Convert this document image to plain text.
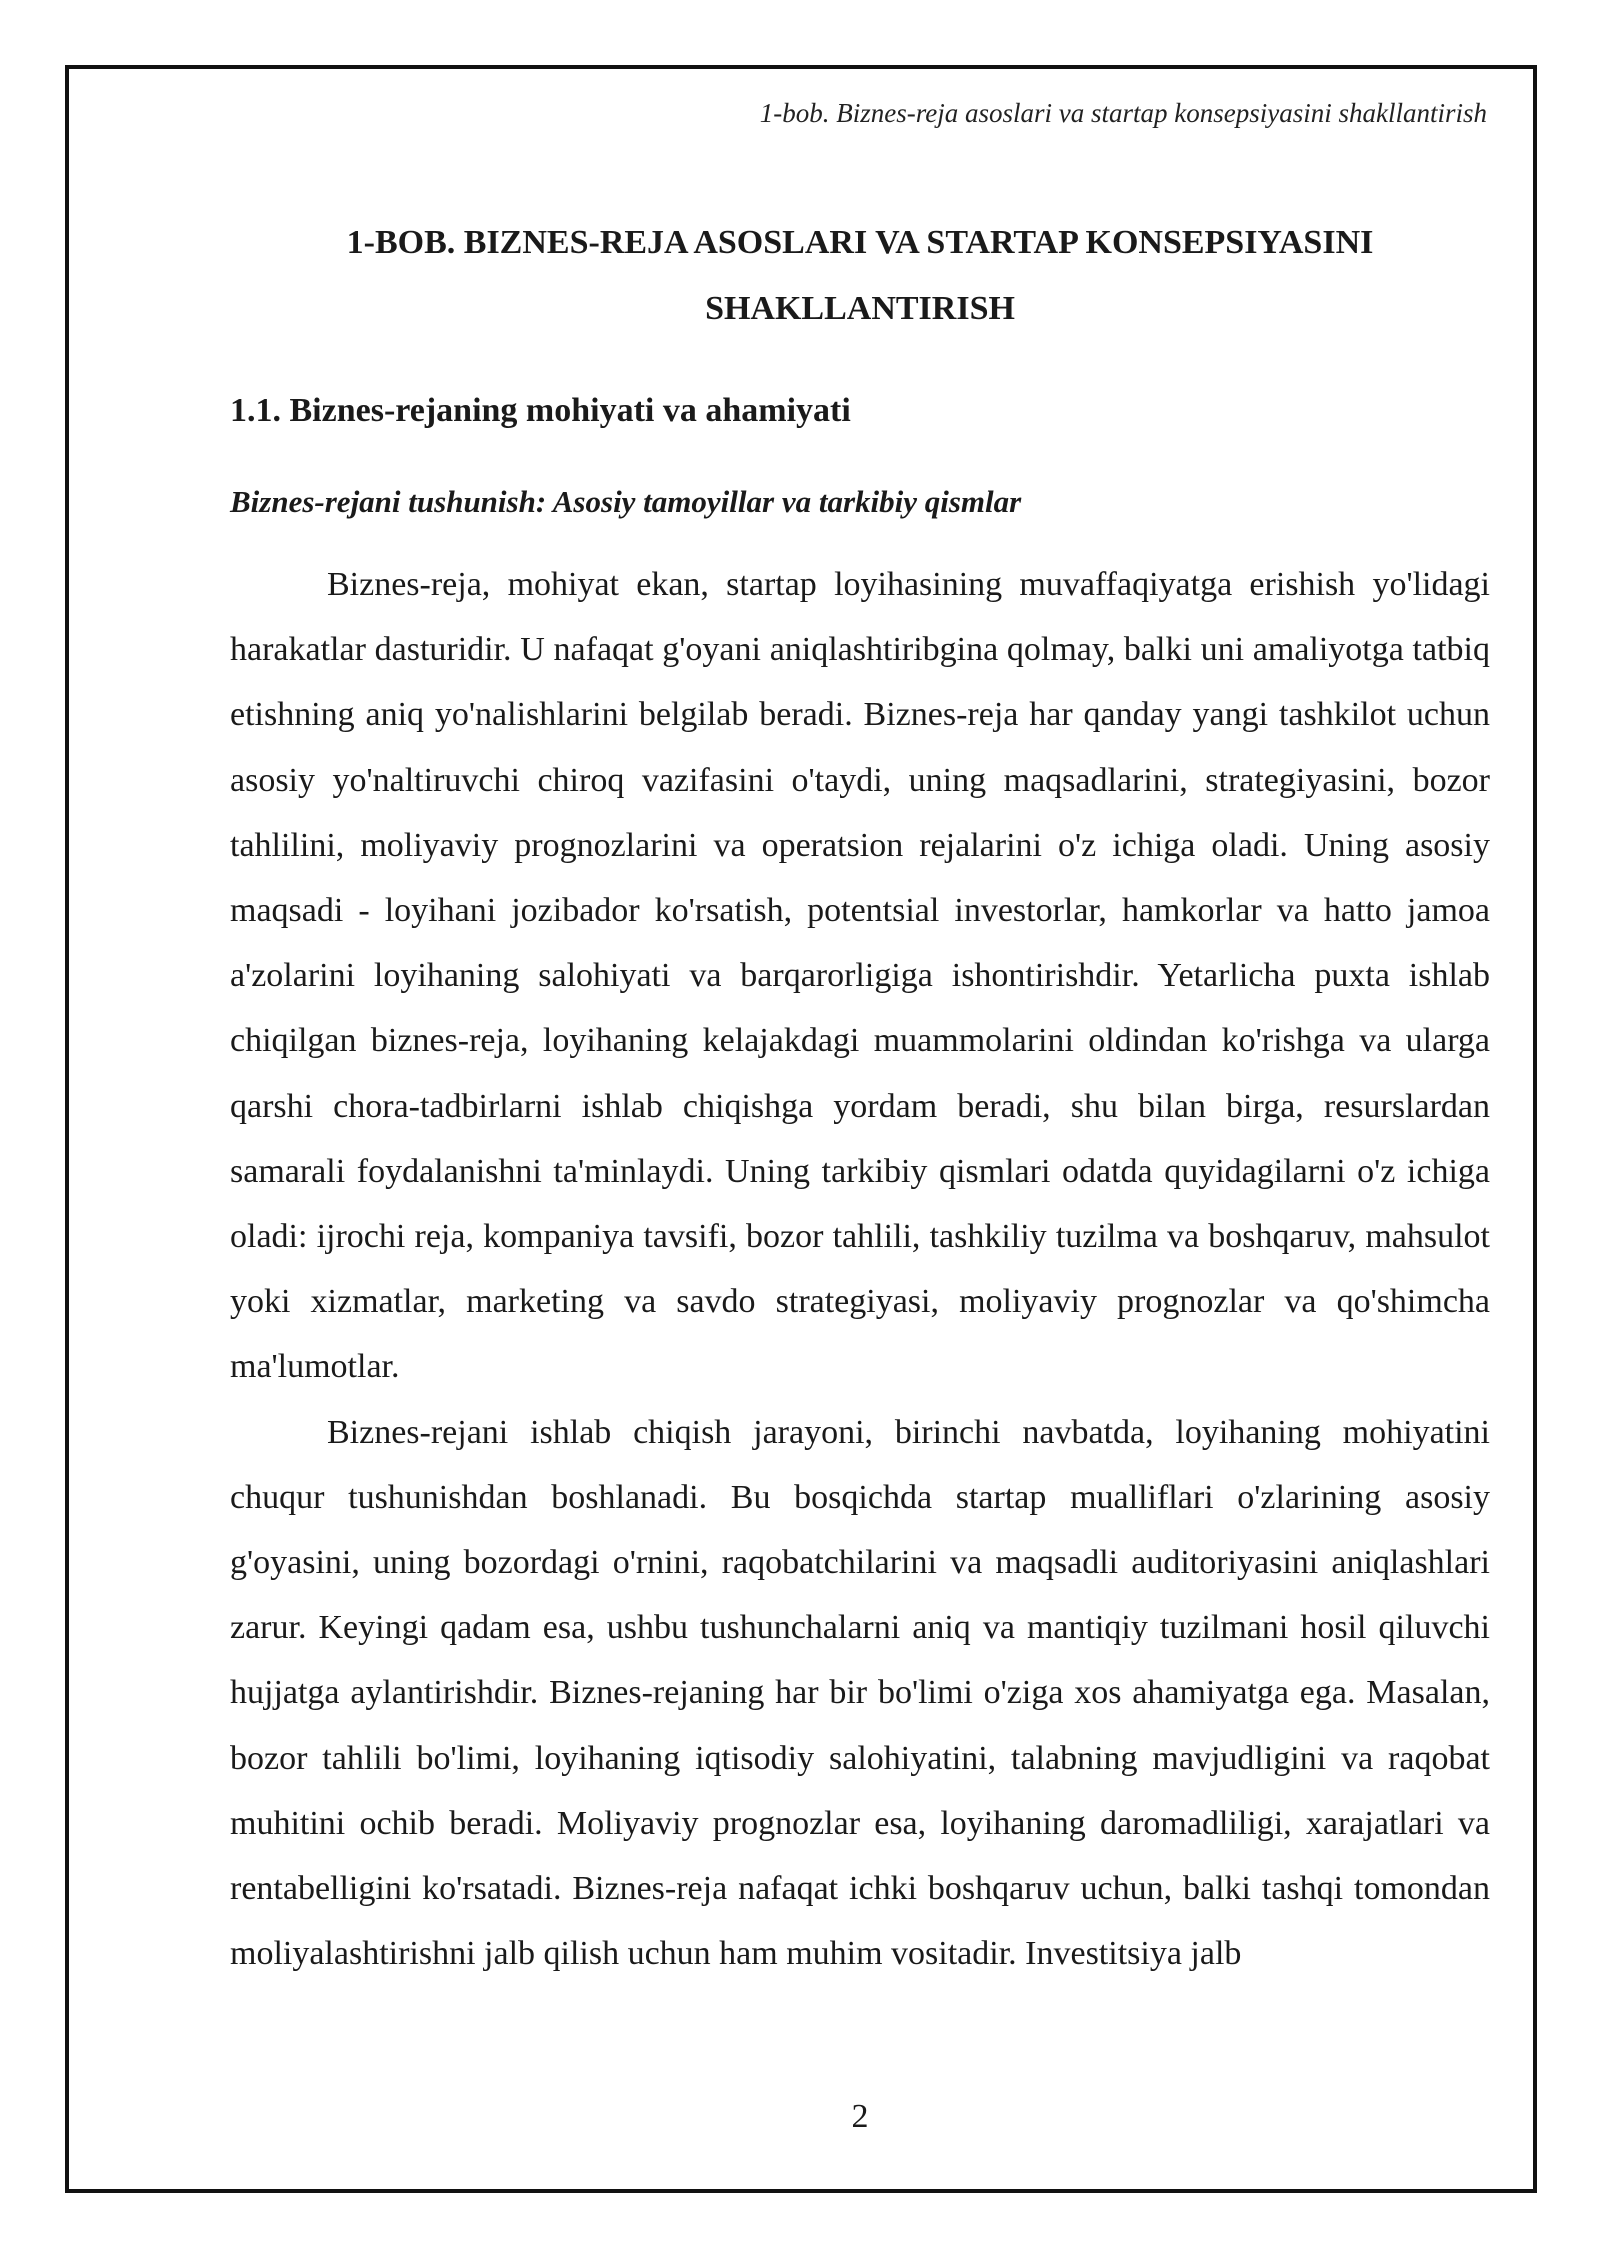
1-bob. Biznes-reja asoslari va startap konsepsiyasini shakllantirish
1-BOB. BIZNES-REJA ASOSLARI VA STARTAP KONSEPSIYASINI SHAKLLANTIRISH
1.1. Biznes-rejaning mohiyati va ahamiyati
Biznes-rejani tushunish: Asosiy tamoyillar va tarkibiy qismlar

Biznes-reja, mohiyat ekan, startap loyihasining muvaffaqiyatga erishish yo'lidagi harakatlar dasturidir. U nafaqat g'oyani aniqlashtiribgina qolmay, balki uni amaliyotga tatbiq etishning aniq yo'nalishlarini belgilab beradi. Biznes-reja har qanday yangi tashkilot uchun asosiy yo'naltiruvchi chiroq vazifasini o'taydi, uning maqsadlarini, strategiyasini, bozor tahlilini, moliyaviy prognozlarini va operatsion rejalarini o'z ichiga oladi. Uning asosiy maqsadi - loyihani jozibador ko'rsatish, potentsial investorlar, hamkorlar va hatto jamoa a'zolarini loyihaning salohiyati va barqarorligiga ishontirishdir. Yetarlicha puxta ishlab chiqilgan biznes-reja, loyihaning kelajakdagi muammolarini oldindan ko'rishga va ularga qarshi chora-tadbirlarni ishlab chiqishga yordam beradi, shu bilan birga, resurslardan samarali foydalanishni ta'minlaydi. Uning tarkibiy qismlari odatda quyidagilarni o'z ichiga oladi: ijrochi reja, kompaniya tavsifi, bozor tahlili, tashkiliy tuzilma va boshqaruv, mahsulot yoki xizmatlar, marketing va savdo strategiyasi, moliyaviy prognozlar va qo'shimcha ma'lumotlar.

Biznes-rejani ishlab chiqish jarayoni, birinchi navbatda, loyihaning mohiyatini chuqur tushunishdan boshlanadi. Bu bosqichda startap mualliflari o'zlarining asosiy g'oyasini, uning bozordagi o'rnini, raqobatchilarini va maqsadli auditoriyasini aniqlashlari zarur. Keyingi qadam esa, ushbu tushunchalarni aniq va mantiqiy tuzilmani hosil qiluvchi hujjatga aylantirishdir. Biznes-rejaning har bir bo'limi o'ziga xos ahamiyatga ega. Masalan, bozor tahlili bo'limi, loyihaning iqtisodiy salohiyatini, talabning mavjudligini va raqobat muhitini ochib beradi. Moliyaviy prognozlar esa, loyihaning daromadliligi, xarajatlari va rentabelligini ko'rsatadi. Biznes-reja nafaqat ichki boshqaruv uchun, balki tashqi tomondan moliyalashtirishni jalb qilish uchun ham muhim vositadir. Investitsiya jalb

2
